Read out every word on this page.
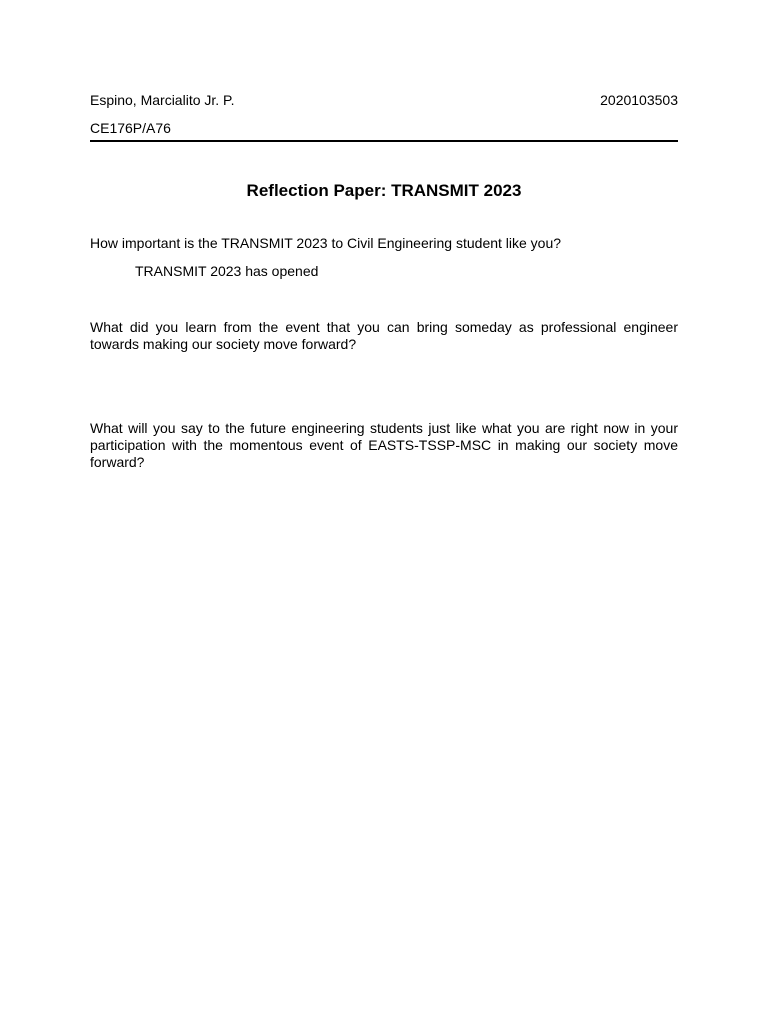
Espino, Marcialito Jr. P.	2020103503
CE176P/A76
Reflection Paper: TRANSMIT 2023

How important is the TRANSMIT 2023 to Civil Engineering student like you?

TRANSMIT 2023 has opened

What did you learn from the event that you can bring someday as professional engineer towards making our society move forward?

What will you say to the future engineering students just like what you are right now in your participation with the momentous event of EASTS-TSSP-MSC in making our society move forward?
